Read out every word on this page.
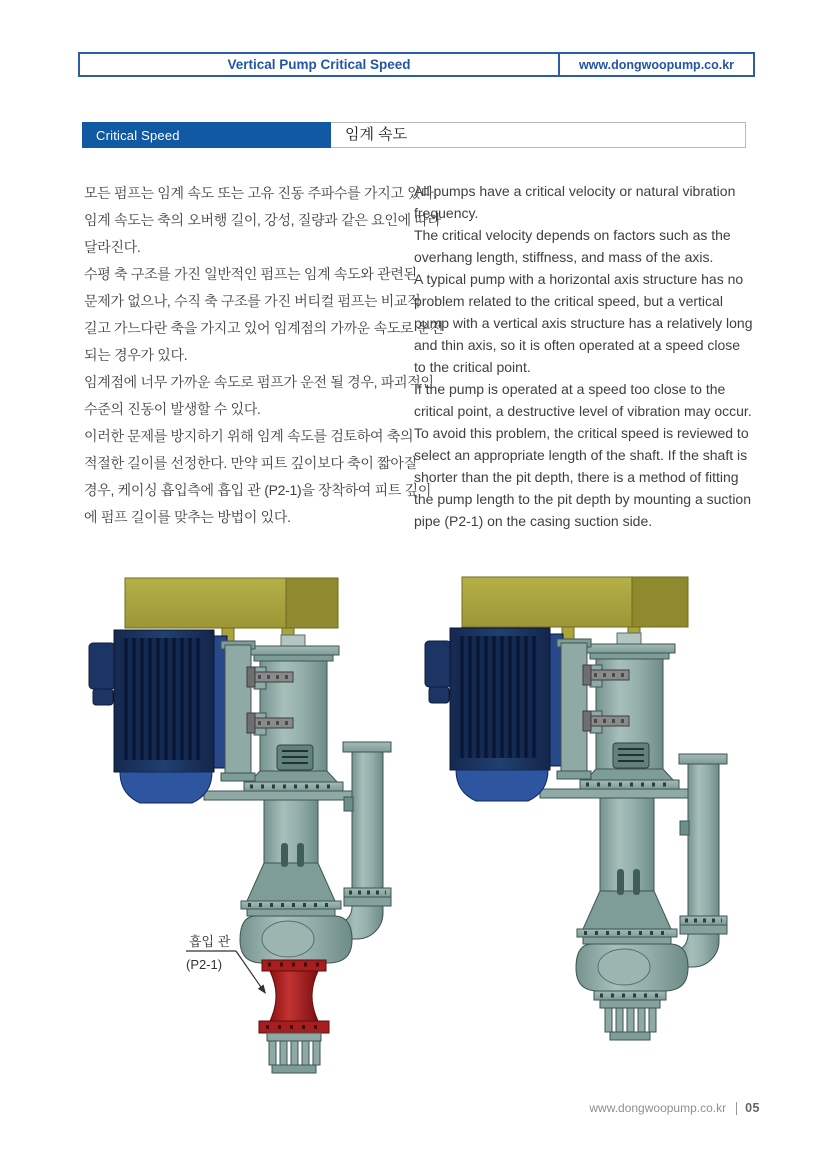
Vertical Pump Critical Speed	www.dongwoopump.co.kr
Critical Speed	임계 속도
모든 펌프는 임계 속도 또는 고유 진동 주파수를 가지고 있다.
임계 속도는 축의 오버행 길이, 강성, 질량과 같은 요인에 따라
달라진다.
수평 축 구조를 가진 일반적인 펌프는 임계 속도와 관련된
문제가 없으나, 수직 축 구조를 가진 버티컬 펌프는 비교적
길고 가느다란 축을 가지고 있어 임계점의 가까운 속도로 운전
되는 경우가 있다.
임계점에 너무 가까운 속도로 펌프가 운전 될 경우, 파괴적인
수준의 진동이 발생할 수 있다.
이러한 문제를 방지하기 위해 임계 속도를 검토하여 축의
적절한 길이를 선정한다. 만약 피트 깊이보다 축이 짧아질
경우, 케이싱 흡입측에 흡입 관 (P2-1)을 장착하여 피트 깊이
에 펌프 길이를 맞추는 방법이 있다.
All pumps have a critical velocity or natural vibration
frequency.
The critical velocity depends on factors such as the
overhang length, stiffness, and mass of the axis.
A typical pump with a horizontal axis structure has no
problem related to the critical speed, but a vertical
pump with a vertical axis structure has a relatively long
and thin axis, so it is often operated at a speed close
to the critical point.
If the pump is operated at a speed too close to the
critical point, a destructive level of vibration may occur.
To avoid this problem, the critical speed is reviewed to
select an appropriate length of the shaft. If the shaft is
shorter than the pit depth, there is a method of fitting
the pump length to the pit depth by mounting a suction
pipe (P2-1) on the casing suction side.
흡입 관
(P2-1)
www.dongwoopump.co.kr 05
